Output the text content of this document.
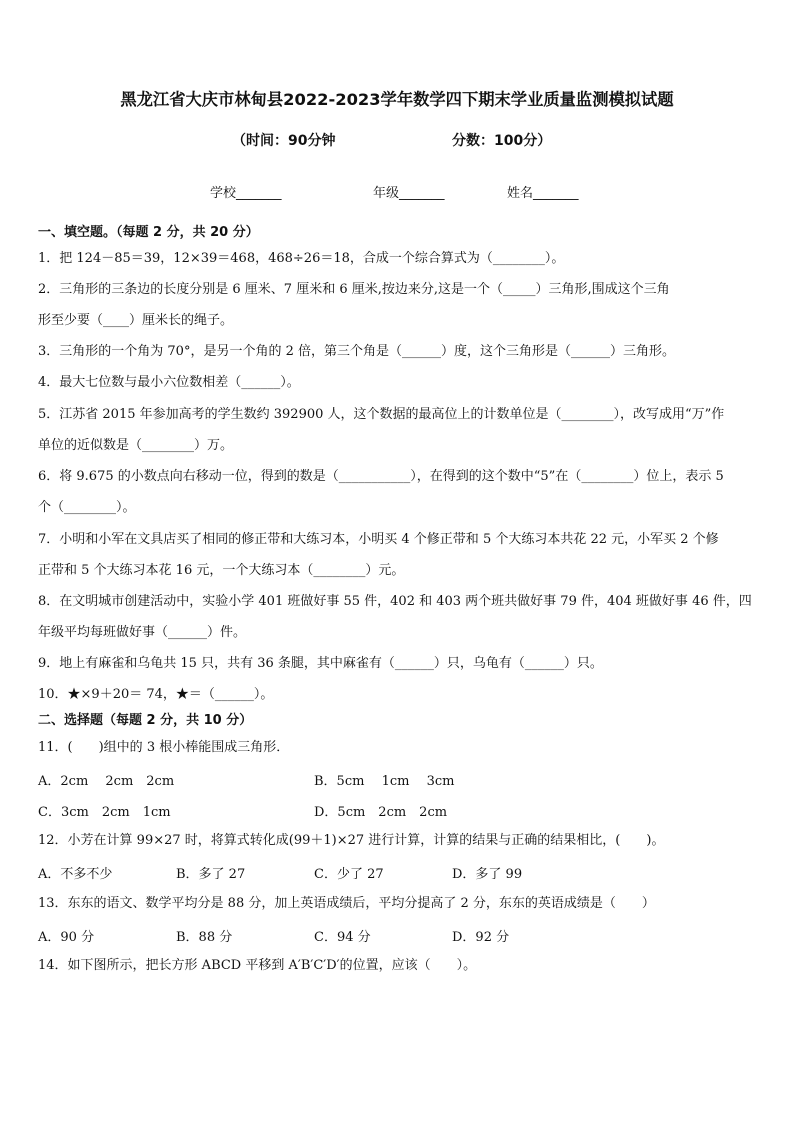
黑龙江省大庆市林甸县2022-2023学年数学四下期末学业质量监测模拟试题
（时间：90分钟	分数：100分）
学校_______	年级_______	姓名_______
一、填空题。（每题 2 分，共 20 分）
1．把 124－85＝39，12×39＝468，468÷26＝18，合成一个综合算式为（________）。
2．三角形的三条边的长度分别是 6 厘米、7 厘米和 6 厘米,按边来分,这是一个（_____）三角形,围成这个三角
形至少要（____）厘米长的绳子。
3．三角形的一个角为 70°，是另一个角的 2 倍，第三个角是（______）度，这个三角形是（______）三角形。
4．最大七位数与最小六位数相差（______）。
5．江苏省 2015 年参加高考的学生数约 392900 人，这个数据的最高位上的计数单位是（________），改写成用“万”作
单位的近似数是（________）万。
6．将 9.675 的小数点向右移动一位，得到的数是（___________），在得到的这个数中“5”在（________）位上，表示 5
个（________）。
7．小明和小军在文具店买了相同的修正带和大练习本，小明买 4 个修正带和 5 个大练习本共花 22 元，小军买 2 个修
正带和 5 个大练习本花 16 元，一个大练习本（________）元。
8．在文明城市创建活动中，实验小学 401 班做好事 55 件，402 和 403 两个班共做好事 79 件，404 班做好事 46 件，四
年级平均每班做好事（______）件。
9．地上有麻雀和乌龟共 15 只，共有 36 条腿，其中麻雀有（______）只，乌龟有（______）只。
10．★×9＋20＝ 74，★＝（______）。
二、选择题（每题 2 分，共 10 分）
11．(　　)组中的 3 根小棒能围成三角形．
A．2cm　 2cm　2cm	B．5cm　 1cm　 3cm
C．3cm　2cm　1cm	D．5cm　2cm　2cm
12．小芳在计算 99×27 时，将算式转化成(99＋1)×27 进行计算，计算的结果与正确的结果相比，(　　)。
A．不多不少	B．多了 27	C．少了 27	D．多了 99
13．东东的语文、数学平均分是 88 分，加上英语成绩后，平均分提高了 2 分，东东的英语成绩是（　　）
A．90 分	B．88 分	C．94 分	D．92 分
14．如下图所示，把长方形 ABCD 平移到 A′B′C′D′的位置，应该（　　）。
